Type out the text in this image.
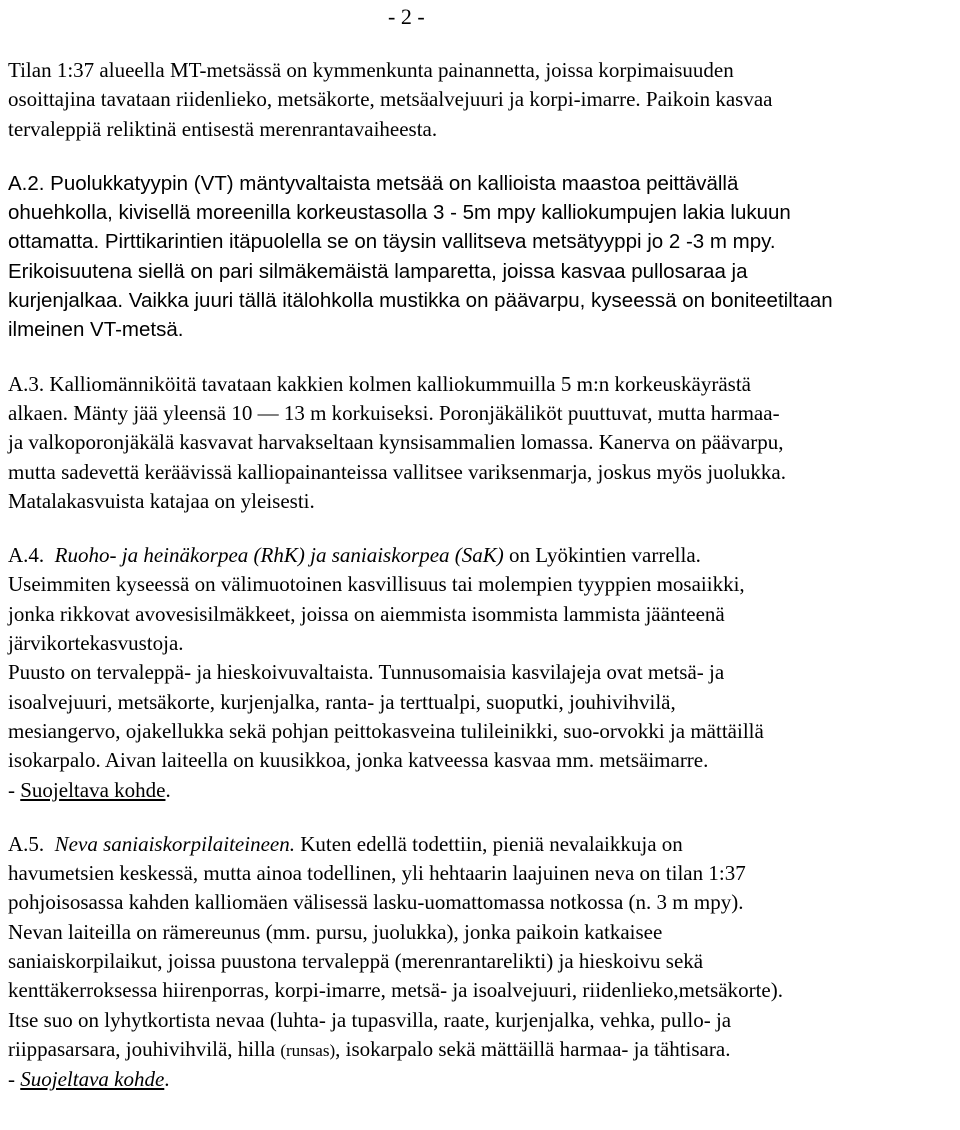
- 2 -
Tilan 1:37 alueella MT-metsässä on kymmenkunta painannetta, joissa korpimaisuuden
osoittajina tavataan riidenlieko, metsäkorte, metsäalvejuuri ja korpi-imarre. Paikoin kasvaa
tervaleppiä reliktinä entisestä merenrantavaiheesta.
A.2. Puolukkatyypin (VT) mäntyvaltaista metsää on kallioista maastoa peittävällä
ohuehkolla, kivisellä moreenilla korkeustasolla 3 - 5m mpy kalliokumpujen lakia lukuun
ottamatta. Pirttikarintien itäpuolella se on täysin vallitseva metsätyyppi jo 2 -3 m mpy.
Erikoisuutena siellä on pari silmäkemäistä lamparetta, joissa kasvaa pullosaraa ja
kurjenjalkaa. Vaikka juuri tällä itälohkolla mustikka on päävarpu, kyseessä on boniteetiltaan
ilmeinen VT-metsä.
A.3. Kalliomänniköitä tavataan kakkien kolmen kalliokummuilla 5 m:n korkeuskäyrästä
alkaen. Mänty jää yleensä 10 — 13 m korkuiseksi. Poronjäkäliköt puuttuvat, mutta harmaa-
ja valkoporonjäkälä kasvavat harvakseltaan kynsisammalien lomassa. Kanerva on päävarpu,
mutta sadevettä keräävissä kalliopainanteissa vallitsee variksenmarja, joskus myös juolukka.
Matalakasvuista katajaa on yleisesti.
A.4. Ruoho- ja heinäkorpea (RhK) ja saniaiskorpea (SaK) on Lyökintien varrella.
Useimmiten kyseessä on välimuotoinen kasvillisuus tai molempien tyyppien mosaiikki,
jonka rikkovat avovesisilmäkkeet, joissa on aiemmista isommista lammista jäänteenä
järvikortekasvustoja.
Puusto on tervaleppä- ja hieskoivuvaltaista. Tunnusomaisia kasvilajeja ovat metsä- ja
isoalvejuuri, metsäkorte, kurjenjalka, ranta- ja terttualpi, suoputki, jouhivihvilä,
mesiangervo, ojakellukka sekä pohjan peittokasveina tulileinikki, suo-orvokki ja mättäillä
isokarpalo. Aivan laiteella on kuusikkoa, jonka katveessa kasvaa mm. metsäimarre.
- Suojeltava kohde.
A.5. Neva saniaiskorpilaiteineen. Kuten edellä todettiin, pieniä nevalaikkuja on
havumetsien keskessä, mutta ainoa todellinen, yli hehtaarin laajuinen neva on tilan 1:37
pohjoisosassa kahden kalliomäen välisessä lasku-uomattomassa notkossa (n. 3 m mpy).
Nevan laiteilla on rämereunus (mm. pursu, juolukka), jonka paikoin katkaisee
saniaiskorpilaikut, joissa puustona tervaleppä (merenrantarelikti) ja hieskoivu sekä
kenttäkerroksessa hiirenporras, korpi-imarre, metsä- ja isoalvejuuri, riidenlieko,metsäkorte).
Itse suo on lyhytkortista nevaa (luhta- ja tupasvilla, raate, kurjenjalka, vehka, pullo- ja
riippasarsara, jouhivihvilä, hilla (runsas), isokarpalo sekä mättäillä harmaa- ja tähtisara.
- Suojeltava kohde.
